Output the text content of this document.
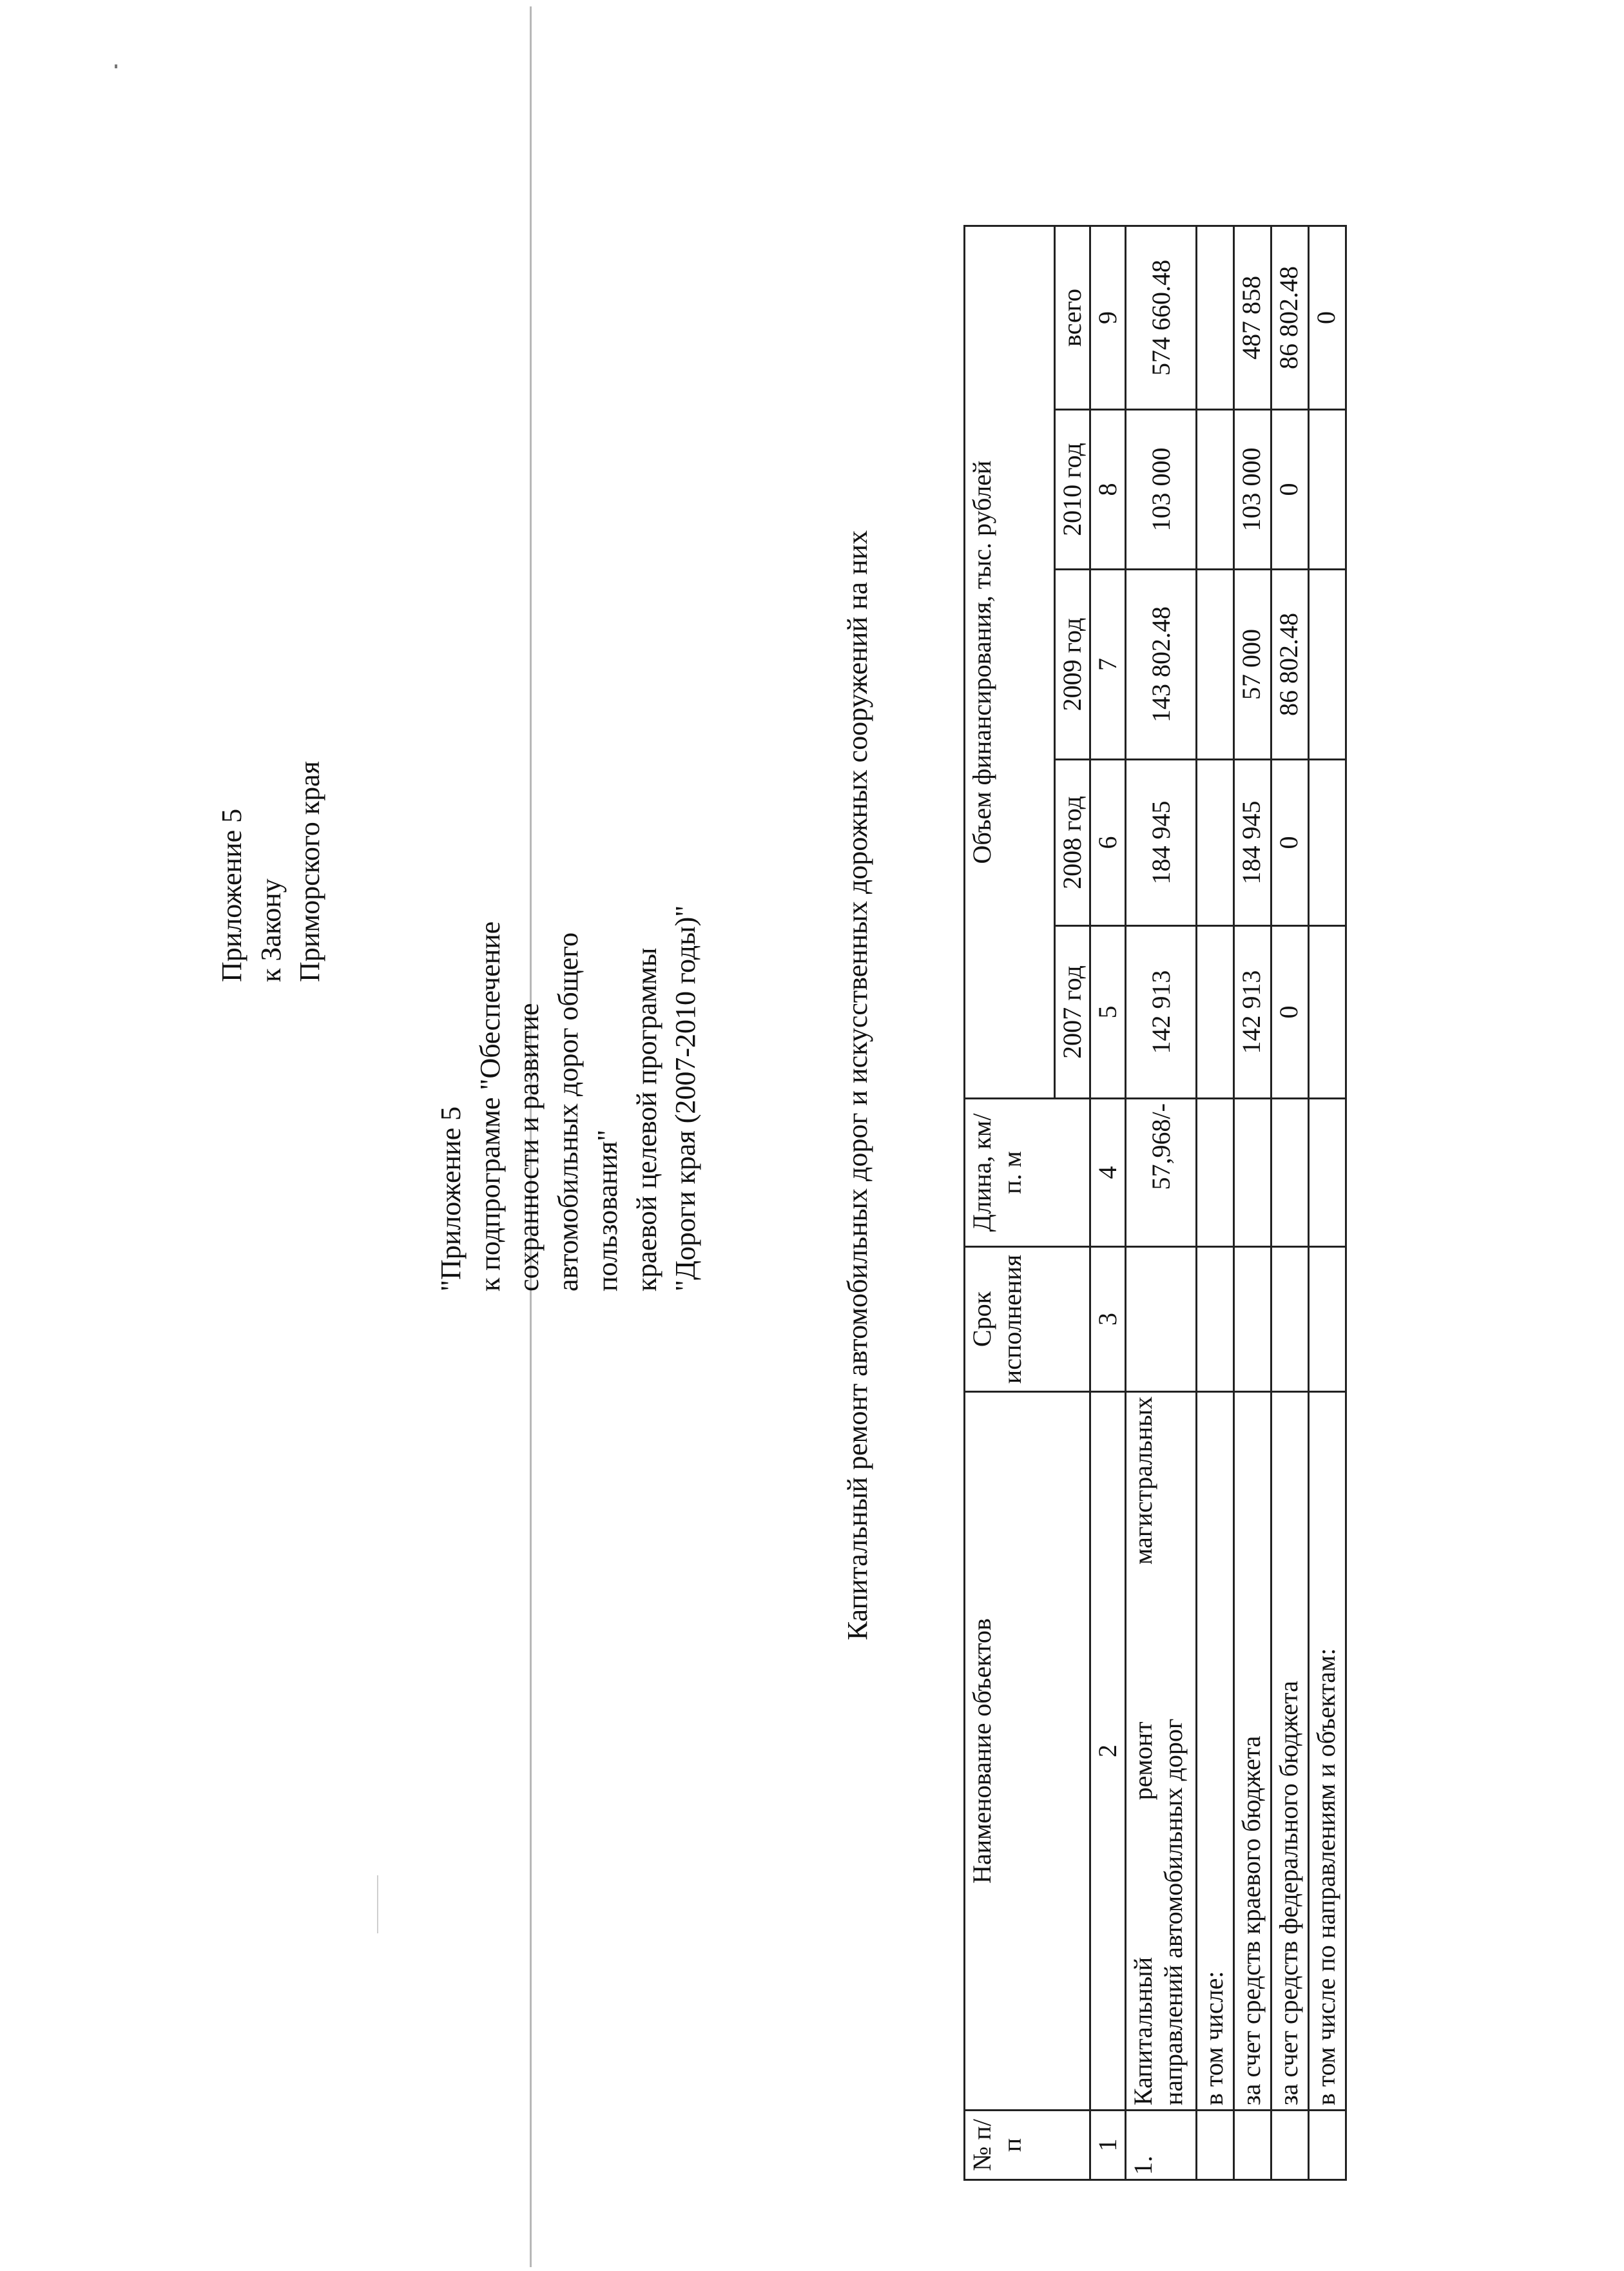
Приложение 5 к Закону Приморского края
"Приложение 5 к подпрограмме "Обеспечение сохранности и развитие автомобильных дорог общего пользования" краевой целевой программы "Дороги края (2007-2010 годы)"	Капитальный ремонт автомобильных дорог и искусственных дорожных сооружений на них
№ п/п	Наименование объектов	Срок исполнения	Длина, км/п. м	Объем финансирования, тыс. рублей				
				2007 год	2008 год	2009 год	2010 год	всего
1	2	3	4	5	6	7	8	9
1.	Капитальный
ремонт
магистральных
направлений автомобильных дорог		57,968/-	142 913	184 945	143 802.48	103 000	574 660.48
	в том числе:							
	за счет средств краевого бюджета			142 913	184 945	57 000	103 000	487 858
	за счет средств федерального бюджета			0	0	86 802.48	0	86 802.48
	в том числе по направлениям и объектам:							0
